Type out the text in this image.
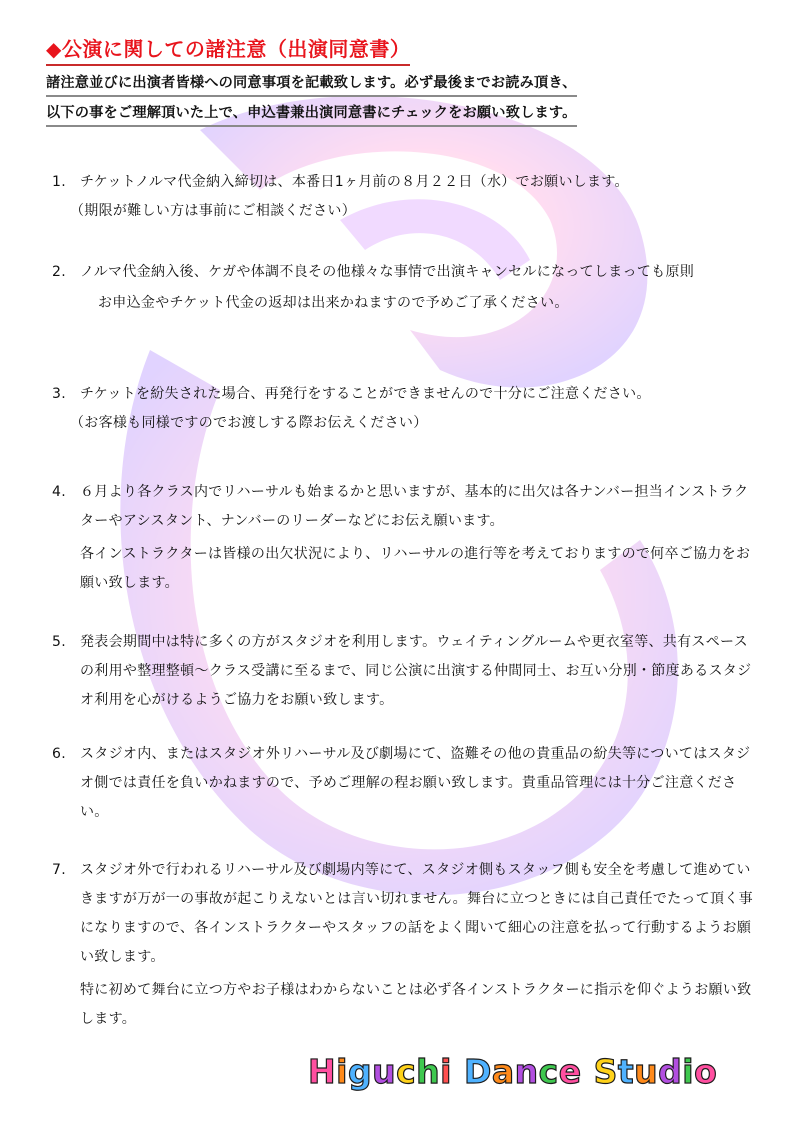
◆公演に関しての諸注意（出演同意書）
諸注意並びに出演者皆様への同意事項を記載致します。必ず最後までお読み頂き、
以下の事をご理解頂いた上で、申込書兼出演同意書にチェックをお願い致します。
1.	チケットノルマ代金納入締切は、本番日1ヶ月前の８月２２日（水）でお願いします。
（期限が難しい方は事前にご相談ください）
2.	ノルマ代金納入後、ケガや体調不良その他様々な事情で出演キャンセルになってしまっても原則
お申込金やチケット代金の返却は出来かねますので予めご了承ください。
3.	チケットを紛失された場合、再発行をすることができませんので十分にご注意ください。
（お客様も同様ですのでお渡しする際お伝えください）
4.	６月より各クラス内でリハーサルも始まるかと思いますが、基本的に出欠は各ナンバー担当インストラクターやアシスタント、ナンバーのリーダーなどにお伝え願います。
各インストラクターは皆様の出欠状況により、リハーサルの進行等を考えておりますので何卒ご協力をお願い致します。
5.	発表会期間中は特に多くの方がスタジオを利用します。ウェイティングルームや更衣室等、共有スペースの利用や整理整頓～クラス受講に至るまで、同じ公演に出演する仲間同士、お互い分別・節度あるスタジオ利用を心がけるようご協力をお願い致します。
6.	スタジオ内、またはスタジオ外リハーサル及び劇場にて、盗難その他の貴重品の紛失等についてはスタジオ側では責任を負いかねますので、予めご理解の程お願い致します。貴重品管理には十分ご注意ください。
7.	スタジオ外で行われるリハーサル及び劇場内等にて、スタジオ側もスタッフ側も安全を考慮して進めていきますが万が一の事故が起こりえないとは言い切れません。舞台に立つときには自己責任でたって頂く事になりますので、各インストラクターやスタッフの話をよく聞いて細心の注意を払って行動するようお願い致します。
特に初めて舞台に立つ方やお子様はわからないことは必ず各インストラクターに指示を仰ぐようお願い致します。
Higuchi Dance Studio
